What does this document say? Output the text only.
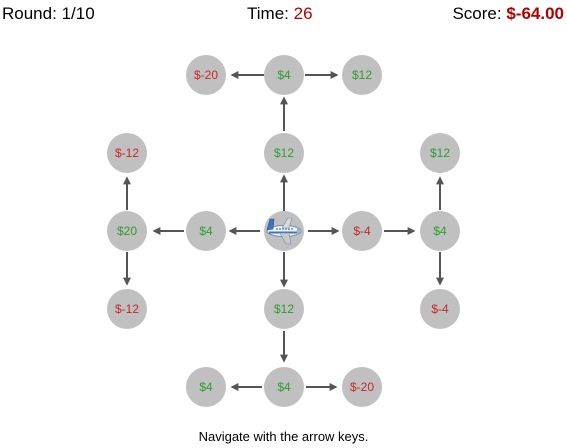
Round: 1/10	Time: 26	Score: $-64.00
$-20	$4	$12
$12
$-12
$20
$-12
$4	$-4	$4
$12
$-4
$12
$4
$4	$-20
Navigate with the arrow keys.
